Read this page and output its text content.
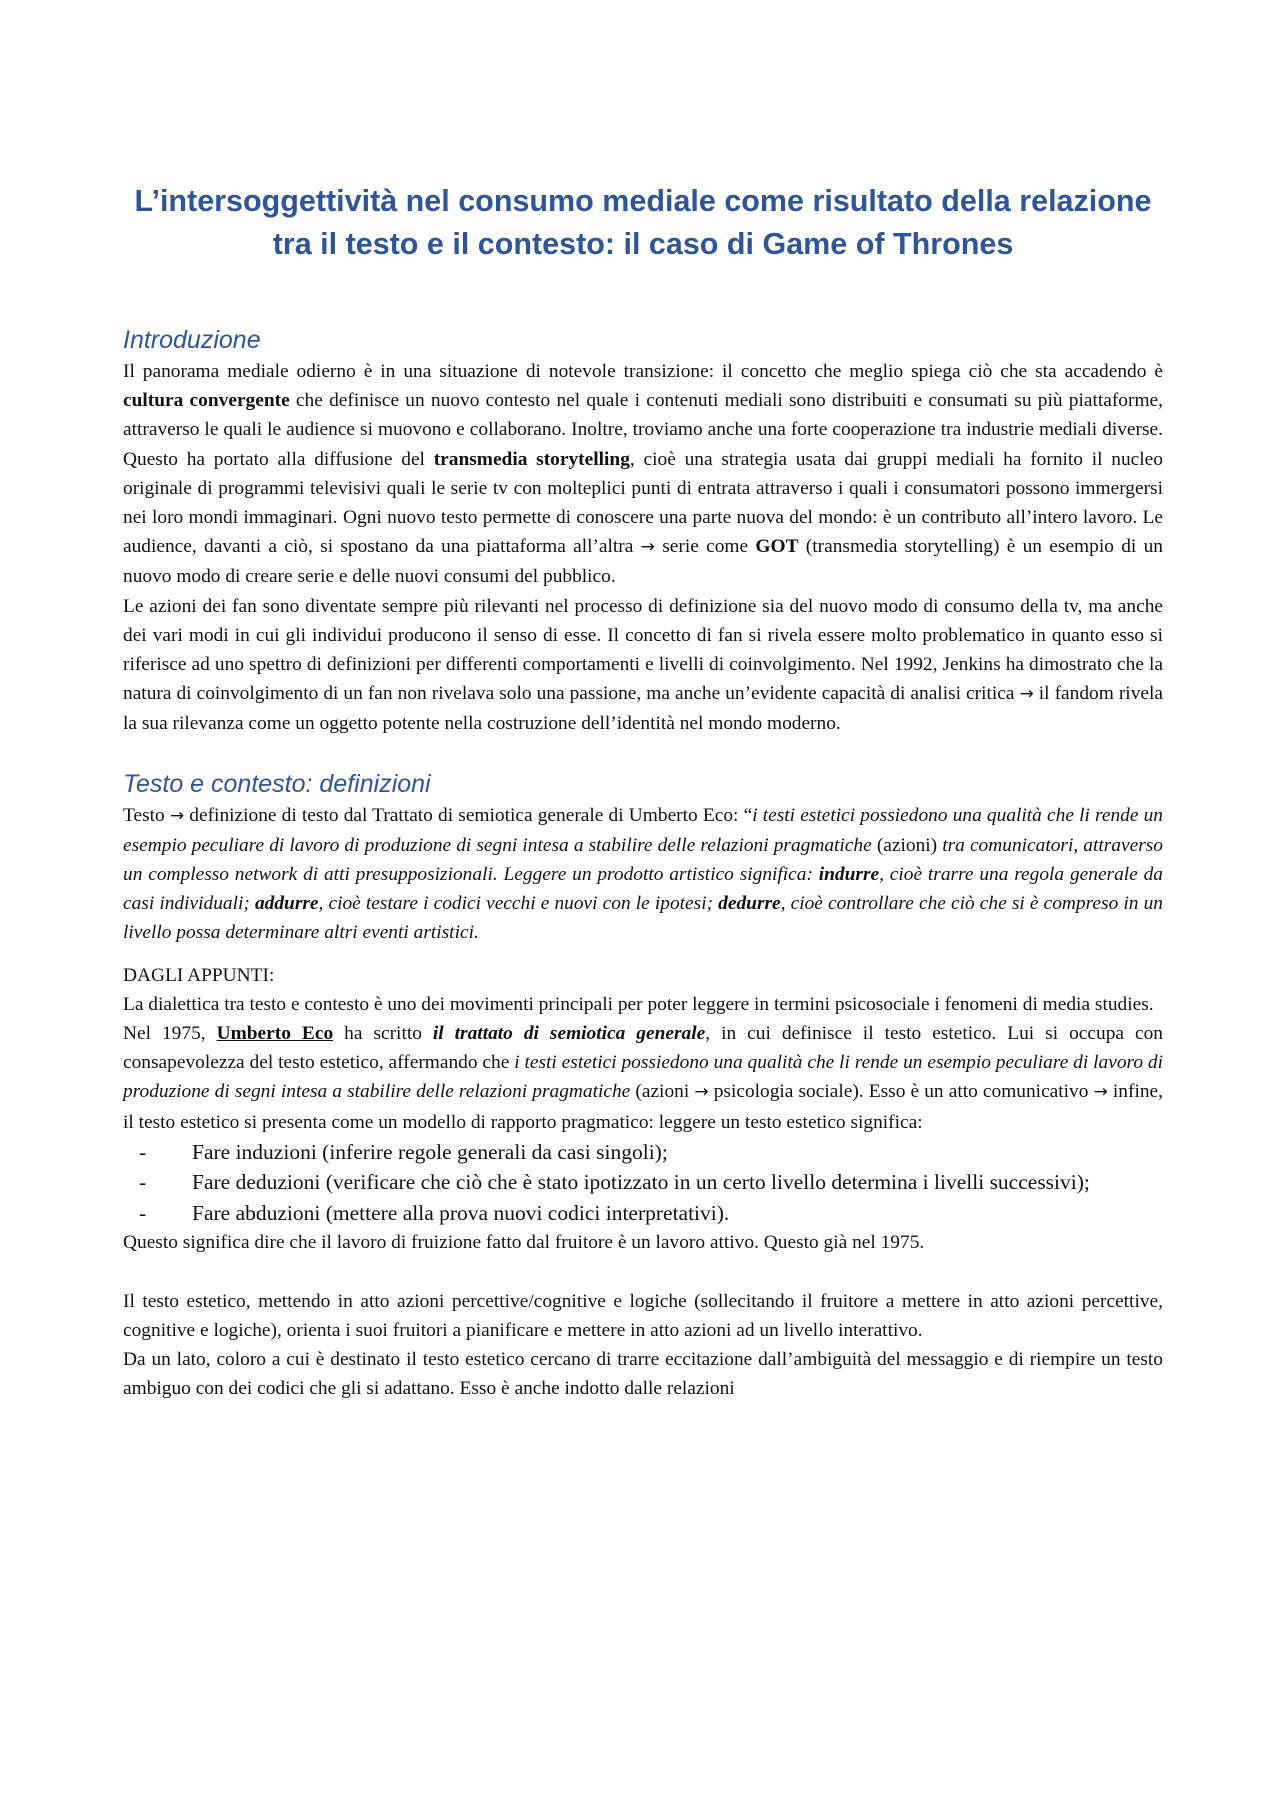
L’intersoggettività nel consumo mediale come risultato della relazione tra il testo e il contesto: il caso di Game of Thrones
Introduzione

Il panorama mediale odierno è in una situazione di notevole transizione: il concetto che meglio spiega ciò che sta accadendo è cultura convergente che definisce un nuovo contesto nel quale i contenuti mediali sono distribuiti e consumati su più piattaforme, attraverso le quali le audience si muovono e collaborano. Inoltre, troviamo anche una forte cooperazione tra industrie mediali diverse. Questo ha portato alla diffusione del transmedia storytelling, cioè una strategia usata dai gruppi mediali ha fornito il nucleo originale di programmi televisivi quali le serie tv con molteplici punti di entrata attraverso i quali i consumatori possono immergersi nei loro mondi immaginari. Ogni nuovo testo permette di conoscere una parte nuova del mondo: è un contributo all’intero lavoro. Le audience, davanti a ciò, si spostano da una piattaforma all’altra → serie come GOT (transmedia storytelling) è un esempio di un nuovo modo di creare serie e delle nuovi consumi del pubblico.

Le azioni dei fan sono diventate sempre più rilevanti nel processo di definizione sia del nuovo modo di consumo della tv, ma anche dei vari modi in cui gli individui producono il senso di esse. Il concetto di fan si rivela essere molto problematico in quanto esso si riferisce ad uno spettro di definizioni per differenti comportamenti e livelli di coinvolgimento. Nel 1992, Jenkins ha dimostrato che la natura di coinvolgimento di un fan non rivelava solo una passione, ma anche un’evidente capacità di analisi critica → il fandom rivela la sua rilevanza come un oggetto potente nella costruzione dell’identità nel mondo moderno.

Testo e contesto: definizioni

Testo → definizione di testo dal Trattato di semiotica generale di Umberto Eco: “i testi estetici possiedono una qualità che li rende un esempio peculiare di lavoro di produzione di segni intesa a stabilire delle relazioni pragmatiche (azioni) tra comunicatori, attraverso un complesso network di atti presupposizionali. Leggere un prodotto artistico significa: indurre, cioè trarre una regola generale da casi individuali; addurre, cioè testare i codici vecchi e nuovi con le ipotesi; dedurre, cioè controllare che ciò che si è compreso in un livello possa determinare altri eventi artistici.

DAGLI APPUNTI:

La dialettica tra testo e contesto è uno dei movimenti principali per poter leggere in termini psicosociale i fenomeni di media studies.

Nel 1975, Umberto Eco ha scritto il trattato di semiotica generale, in cui definisce il testo estetico. Lui si occupa con consapevolezza del testo estetico, affermando che i testi estetici possiedono una qualità che li rende un esempio peculiare di lavoro di produzione di segni intesa a stabilire delle relazioni pragmatiche (azioni → psicologia sociale). Esso è un atto comunicativo → infine, il testo estetico si presenta come un modello di rapporto pragmatico: leggere un testo estetico significa:

- Fare induzioni (inferire regole generali da casi singoli);
- Fare deduzioni (verificare che ciò che è stato ipotizzato in un certo livello determina i livelli successivi);
- Fare abduzioni (mettere alla prova nuovi codici interpretativi).

Questo significa dire che il lavoro di fruizione fatto dal fruitore è un lavoro attivo. Questo già nel 1975.

Il testo estetico, mettendo in atto azioni percettive/cognitive e logiche (sollecitando il fruitore a mettere in atto azioni percettive, cognitive e logiche), orienta i suoi fruitori a pianificare e mettere in atto azioni ad un livello interattivo.

Da un lato, coloro a cui è destinato il testo estetico cercano di trarre eccitazione dall’ambiguità del messaggio e di riempire un testo ambiguo con dei codici che gli si adattano. Esso è anche indotto dalle relazioni
